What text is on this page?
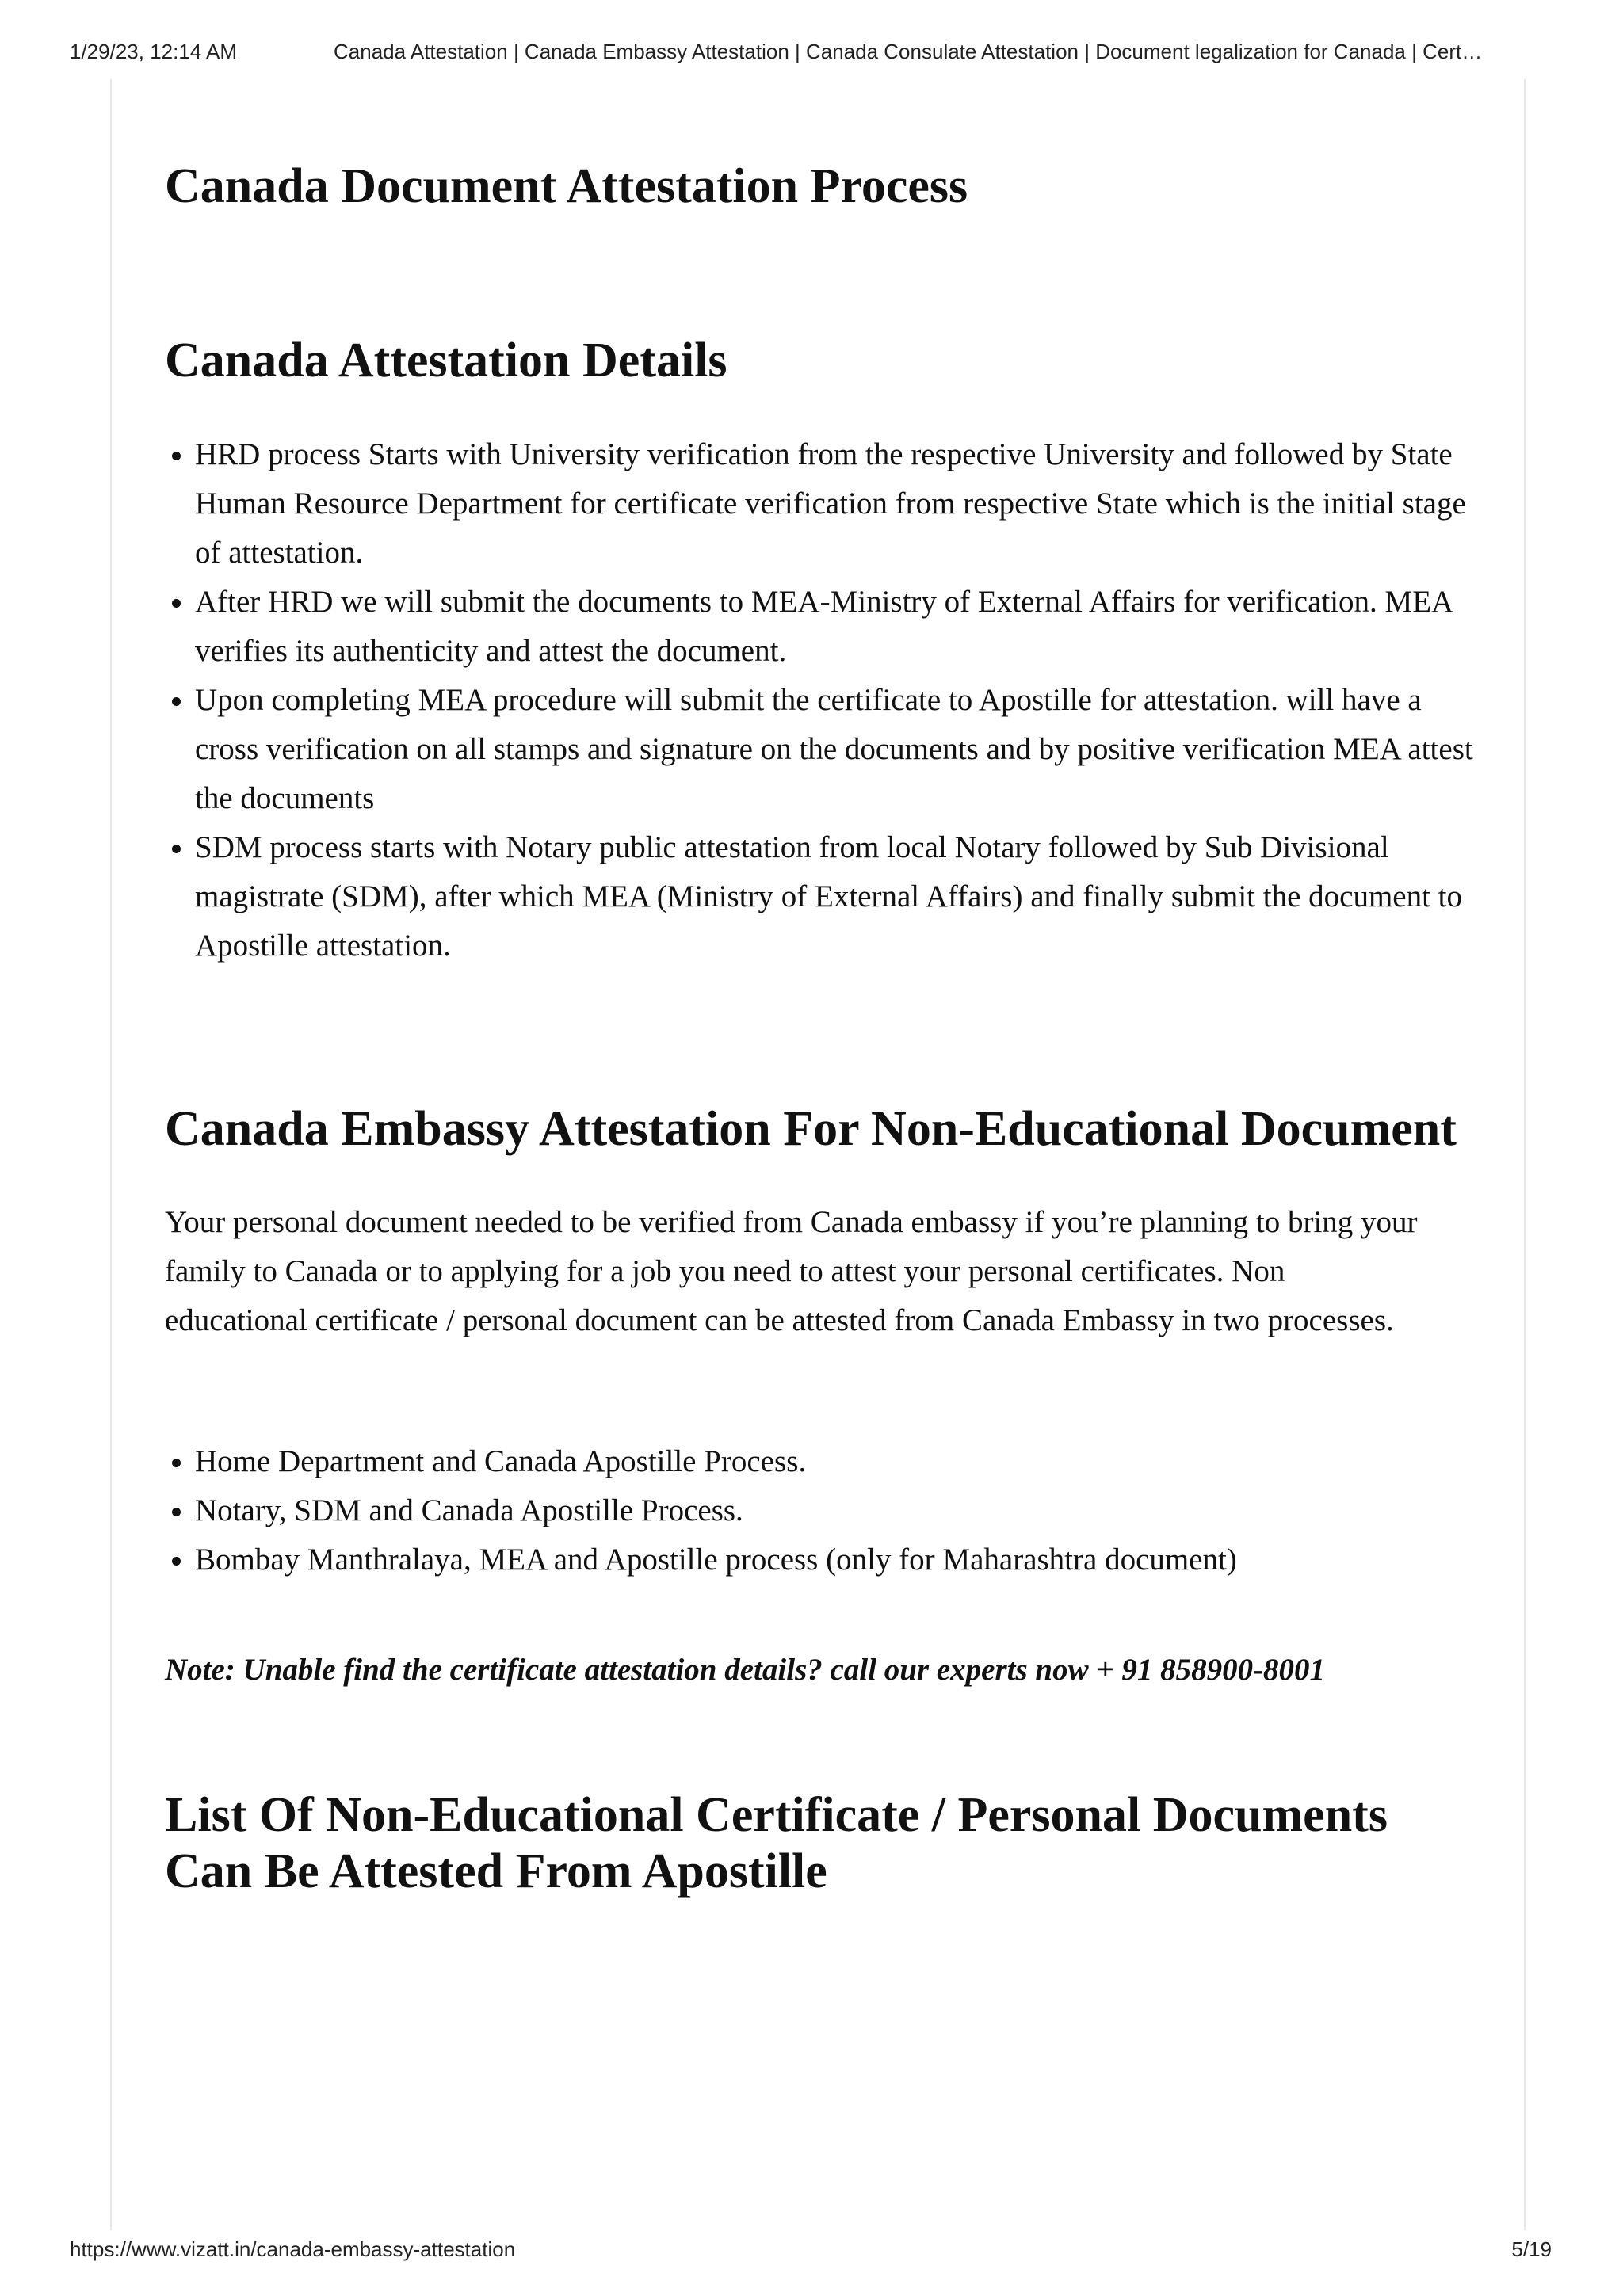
1/29/23, 12:14 AM	Canada Attestation | Canada Embassy Attestation | Canada Consulate Attestation | Document legalization for Canada | Cert…
Canada Document Attestation Process
Canada Attestation Details
• HRD process Starts with University verification from the respective University and followed by State Human Resource Department for certificate verification from respective State which is the initial stage of attestation.
• After HRD we will submit the documents to MEA-Ministry of External Affairs for verification. MEA verifies its authenticity and attest the document.
• Upon completing MEA procedure will submit the certificate to Apostille for attestation. will have a cross verification on all stamps and signature on the documents and by positive verification MEA attest the documents
• SDM process starts with Notary public attestation from local Notary followed by Sub Divisional magistrate (SDM), after which MEA (Ministry of External Affairs) and finally submit the document to Apostille attestation.
Canada Embassy Attestation For Non-Educational Document

Your personal document needed to be verified from Canada embassy if you’re planning to bring your family to Canada or to applying for a job you need to attest your personal certificates. Non educational certificate / personal document can be attested from Canada Embassy in two processes.

• Home Department and Canada Apostille Process.
• Notary, SDM and Canada Apostille Process.
• Bombay Manthralaya, MEA and Apostille process (only for Maharashtra document)

Note: Unable find the certificate attestation details? call our experts now + 91 858900-8001

List Of Non-Educational Certificate / Personal Documents Can Be Attested From Apostille
https://www.vizatt.in/canada-embassy-attestation	5/19
